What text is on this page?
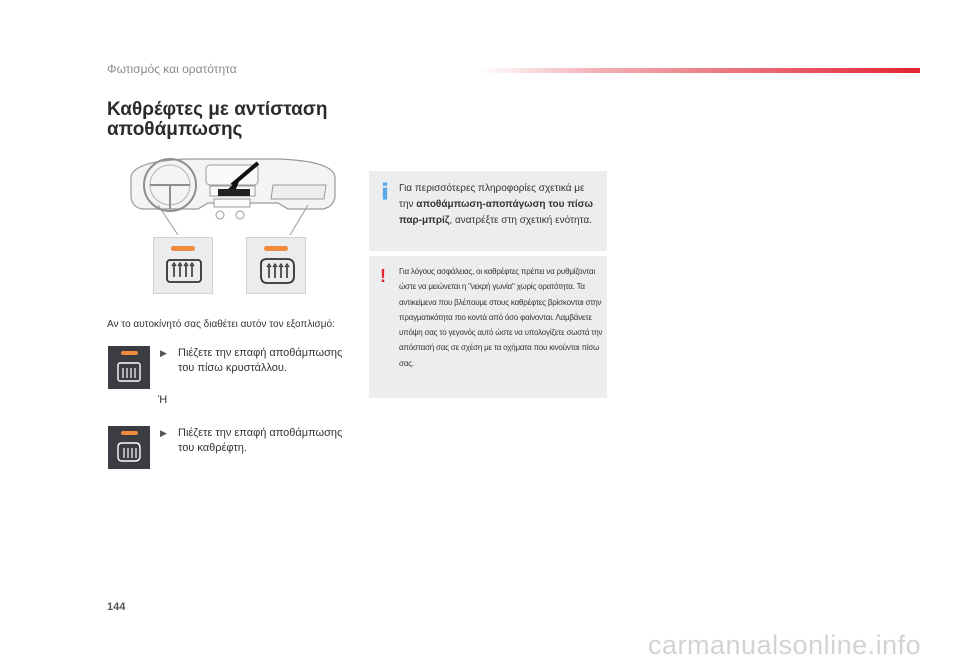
Φωτισμός και ορατότητα
Καθρέφτες με αντίσταση
αποθάμπωσης
Αν το αυτοκίνητό σας διαθέτει αυτόν τον εξοπλισμό:
▶ Πιέζετε την επαφή αποθάμπωσης του πίσω κρυστάλλου.
Ή
▶ Πιέζετε την επαφή αποθάμπωσης του καθρέφτη.
Για περισσότερες πληροφορίες σχετικά με την αποθάμπωση-αποπάγωση του πίσω παρ-μπρίζ, ανατρέξτε στη σχετική ενότητα.
! Για λόγους ασφάλειας, οι καθρέφτες πρέπει να ρυθμίζονται ώστε να μειώνεται η "νεκρή γωνία" χωρίς ορατότητα. Τα αντικείμενα που βλέπουμε στους καθρέφτες βρίσκονται στην πραγματικότητα πιο κοντά από όσο φαίνονται. Λαμβάνετε υπόψη σας το γεγονός αυτό ώστε να υπολογίζετε σωστά την απόστασή σας σε σχέση με τα οχήματα που κινούνται πίσω σας.
144
carmanualsonline.info
